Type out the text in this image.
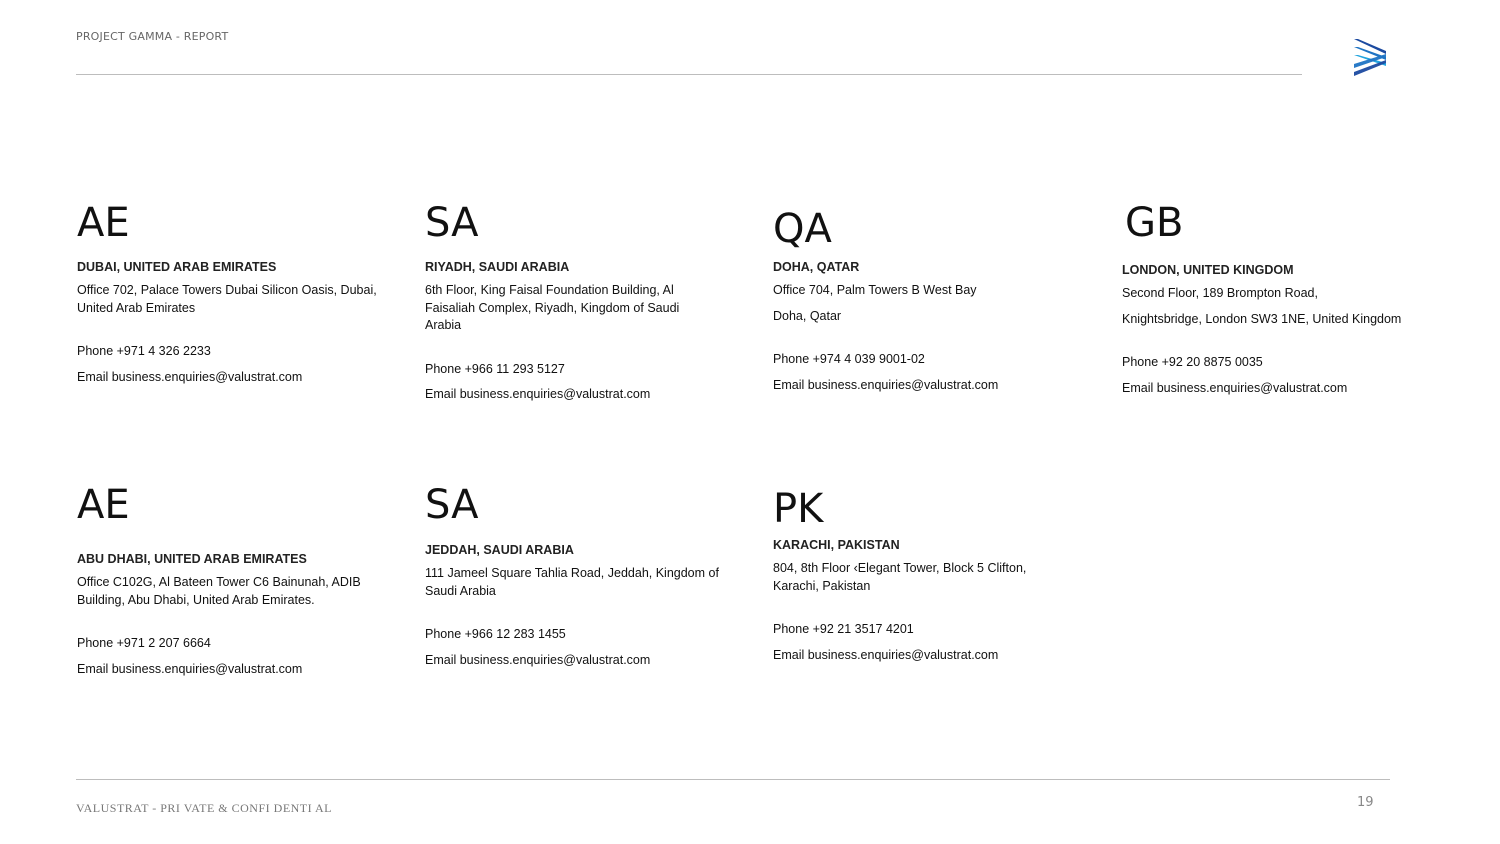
PROJECT GAMMA - REPORT
AE
DUBAI, UNITED ARAB EMIRATES
Office 702, Palace Towers Dubai Silicon Oasis, Dubai, United Arab Emirates
Phone +971 4 326 2233
Email business.enquiries@valustrat.com
SA
RIYADH, SAUDI ARABIA
6th Floor, King Faisal Foundation Building, Al Faisaliah Complex, Riyadh, Kingdom of Saudi Arabia
Phone +966 11 293 5127
Email business.enquiries@valustrat.com
QA
DOHA, QATAR
Office 704, Palm Towers B West Bay
Doha, Qatar
Phone +974 4 039 9001-02
Email business.enquiries@valustrat.com
GB
LONDON, UNITED KINGDOM
Second Floor, 189 Brompton Road,
Knightsbridge, London SW3 1NE, United Kingdom
Phone +92 20 8875 0035
Email business.enquiries@valustrat.com
AE
ABU DHABI, UNITED ARAB EMIRATES
Office C102G, Al Bateen Tower C6 Bainunah, ADIB Building, Abu Dhabi, United Arab Emirates.
Phone +971 2 207 6664
Email business.enquiries@valustrat.com
SA
JEDDAH, SAUDI ARABIA
111 Jameel Square Tahlia Road, Jeddah, Kingdom of Saudi Arabia
Phone +966 12 283 1455
Email business.enquiries@valustrat.com
PK
KARACHI, PAKISTAN
804, 8th Floor ‹Elegant Tower, Block 5 Clifton, Karachi, Pakistan
Phone +92 21 3517 4201
Email business.enquiries@valustrat.com
VALUSTRAT - PRI VATE & CONFI DENTI AL	19
